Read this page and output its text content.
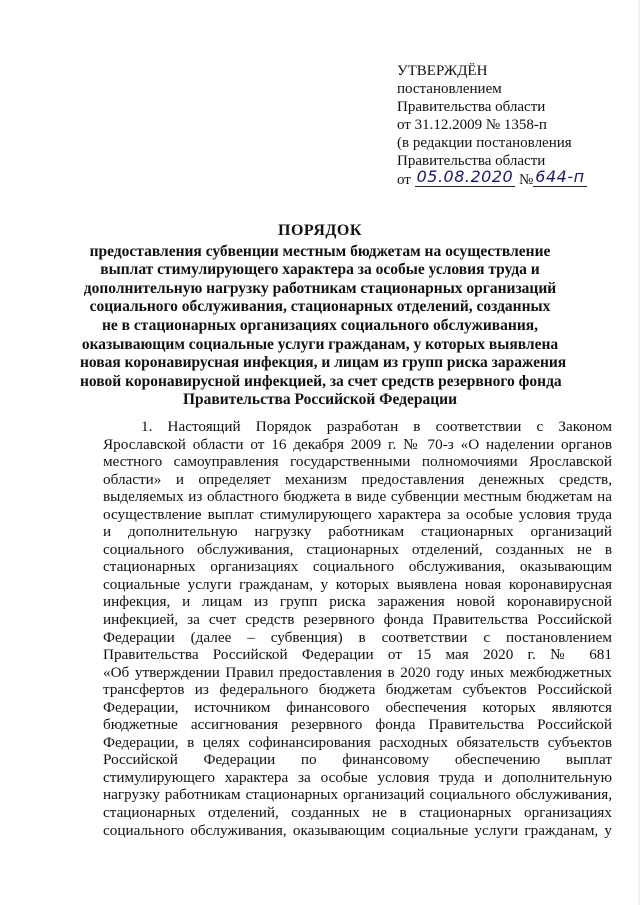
УТВЕРЖДЁН
постановлением
Правительства области
от 31.12.2009 № 1358-п
(в редакции постановления
Правительства области
от 05.08.2020 № 644-п
ПОРЯДОК
предоставления субвенции местным бюджетам на осуществление
выплат стимулирующего характера за особые условия труда и
дополнительную нагрузку работникам стационарных организаций
социального обслуживания, стационарных отделений, созданных
не в стационарных организациях социального обслуживания,
оказывающим социальные услуги гражданам, у которых выявлена
новая коронавирусная инфекция, и лицам из групп риска заражения
новой коронавирусной инфекцией, за счет средств резервного фонда
Правительства Российской Федерации
1. Настоящий Порядок разработан в соответствии с Законом
Ярославской области от 16 декабря 2009 г. № 70-з «О наделении органов
местного самоуправления государственными полномочиями Ярославской
области» и определяет механизм предоставления денежных средств,
выделяемых из областного бюджета в виде субвенции местным бюджетам на
осуществление выплат стимулирующего характера за особые условия труда
и дополнительную нагрузку работникам стационарных организаций
социального обслуживания, стационарных отделений, созданных не в
стационарных организациях социального обслуживания, оказывающим
социальные услуги гражданам, у которых выявлена новая коронавирусная
инфекция, и лицам из групп риска заражения новой коронавирусной
инфекцией, за счет средств резервного фонда Правительства Российской
Федерации (далее – субвенция) в соответствии с постановлением
Правительства Российской Федерации от 15 мая 2020 г. № 681
«Об утверждении Правил предоставления в 2020 году иных межбюджетных
трансфертов из федерального бюджета бюджетам субъектов Российской
Федерации, источником финансового обеспечения которых являются
бюджетные ассигнования резервного фонда Правительства Российской
Федерации, в целях софинансирования расходных обязательств субъектов
Российской Федерации по финансовому обеспечению выплат
стимулирующего характера за особые условия труда и дополнительную
нагрузку работникам стационарных организаций социального обслуживания,
стационарных отделений, созданных не в стационарных организациях
социального обслуживания, оказывающим социальные услуги гражданам, у
